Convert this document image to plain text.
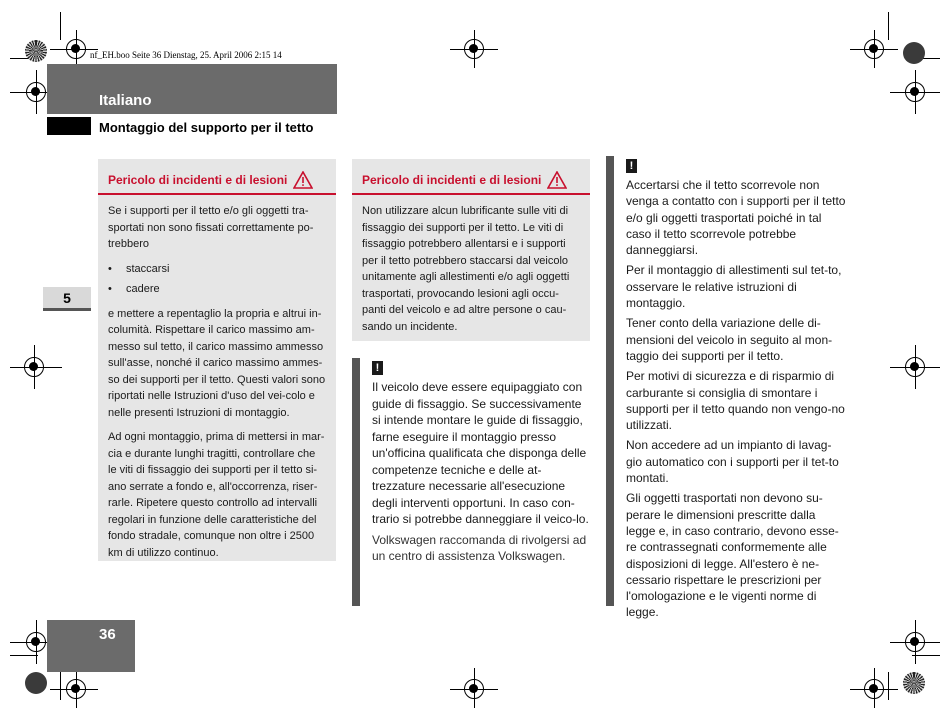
nf_EH.boo Seite 36 Dienstag, 25. April 2006 2:15 14
Italiano
Montaggio del supporto per il tetto
5
Pericolo di incidenti e di lesioni

Se i supporti per il tetto e/o gli oggetti tra-sportati non sono fissati correttamente po-trebbero

• staccarsi
• cadere

e mettere a repentaglio la propria e altrui in-columità. Rispettare il carico massimo am-messo sul tetto, il carico massimo ammesso sull'asse, nonché il carico massimo ammes-so dei supporti per il tetto. Questi valori sono riportati nelle Istruzioni d'uso del vei-colo e nelle presenti Istruzioni di montaggio.

Ad ogni montaggio, prima di mettersi in mar-cia e durante lunghi tragitti, controllare che le viti di fissaggio dei supporti per il tetto si-ano serrate a fondo e, all'occorrenza, riser-rarle. Ripetere questo controllo ad intervalli regolari in funzione delle caratteristiche del fondo stradale, comunque non oltre i 2500 km di utilizzo continuo.

Pericolo di incidenti e di lesioni

Non utilizzare alcun lubrificante sulle viti di fissaggio dei supporti per il tetto. Le viti di fissaggio potrebbero allentarsi e i supporti per il tetto potrebbero staccarsi dal veicolo unitamente agli allestimenti e/o agli oggetti trasportati, provocando lesioni agli occu-panti del veicolo e ad altre persone o cau-sando un incidente.

!

Il veicolo deve essere equipaggiato con guide di fissaggio. Se successivamente si intende montare le guide di fissaggio, farne eseguire il montaggio presso un'officina qualificata che disponga delle competenze tecniche e delle at-trezzature necessarie all'esecuzione degli interventi opportuni. In caso con-trario si potrebbe danneggiare il veico-lo.

Volkswagen raccomanda di rivolgersi ad un centro di assistenza Volkswagen.

!

Accertarsi che il tetto scorrevole non venga a contatto con i supporti per il tetto e/o gli oggetti trasportati poiché in tal caso il tetto scorrevole potrebbe danneggiarsi.

Per il montaggio di allestimenti sul tet-to, osservare le relative istruzioni di montaggio.

Tener conto della variazione delle di-mensioni del veicolo in seguito al mon-taggio dei supporti per il tetto.

Per motivi di sicurezza e di risparmio di carburante si consiglia di smontare i supporti per il tetto quando non vengo-no utilizzati.

Non accedere ad un impianto di lavag-gio automatico con i supporti per il tet-to montati.

Gli oggetti trasportati non devono su-perare le dimensioni prescritte dalla legge e, in caso contrario, devono esse-re contrassegnati conformemente alle disposizioni di legge. All'estero è ne-cessario rispettare le prescrizioni per l'omologazione e le vigenti norme di legge.

36
